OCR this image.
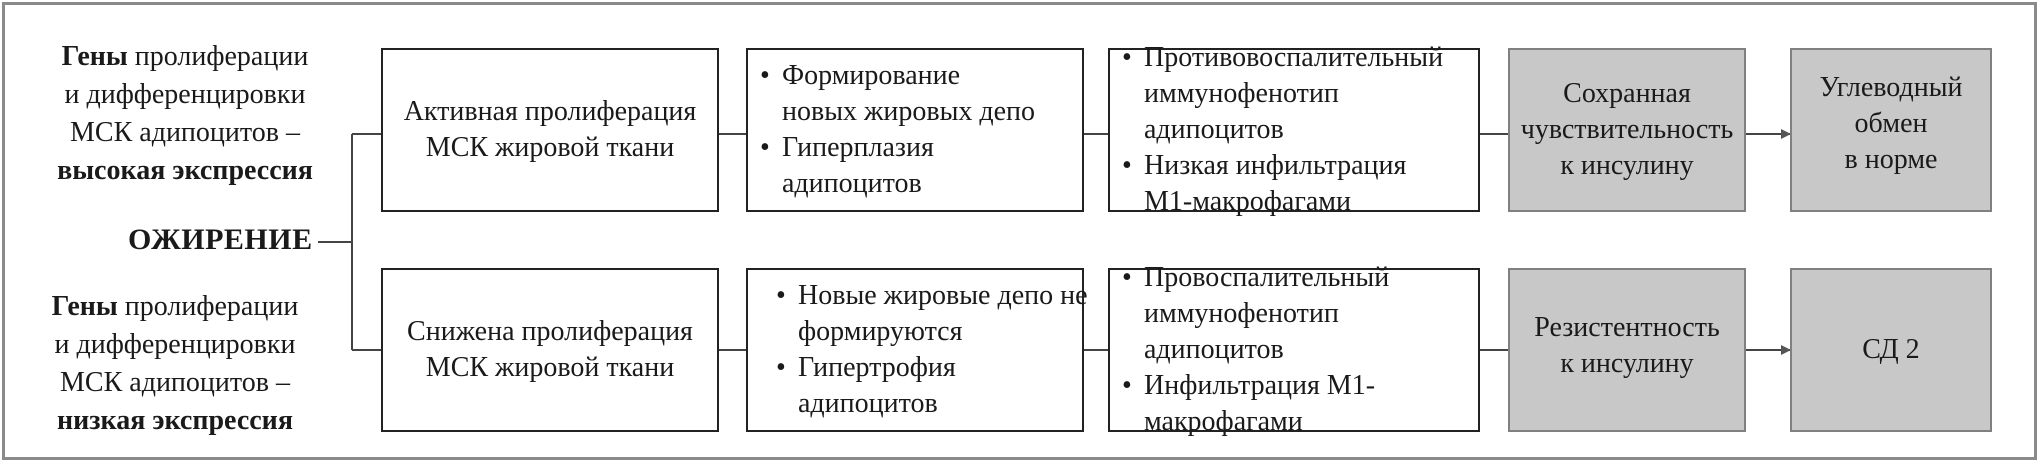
Гены пролиферации
и дифференцировки
МСК адипоцитов –
высокая экспрессия
ОЖИРЕНИЕ
Гены пролиферации
и дифференцировки
МСК адипоцитов –
низкая экспрессия
Активная пролиферация
МСК жировой ткани
• Формирование новых жировых депо
• Гиперплазия адипоцитов
• Противовоспалительный иммунофенотип адипоцитов
• Низкая инфильтрация М1-макрофагами
Сохранная
чувствительность
к инсулину
Углеводный
обмен
в норме
Снижена пролиферация
МСК жировой ткани
• Новые жировые депо не формируются
• Гипертрофия адипоцитов
• Провоспалительный иммунофенотип адипоцитов
• Инфильтрация М1-макрофагами
Резистентность
к инсулину	СД 2
